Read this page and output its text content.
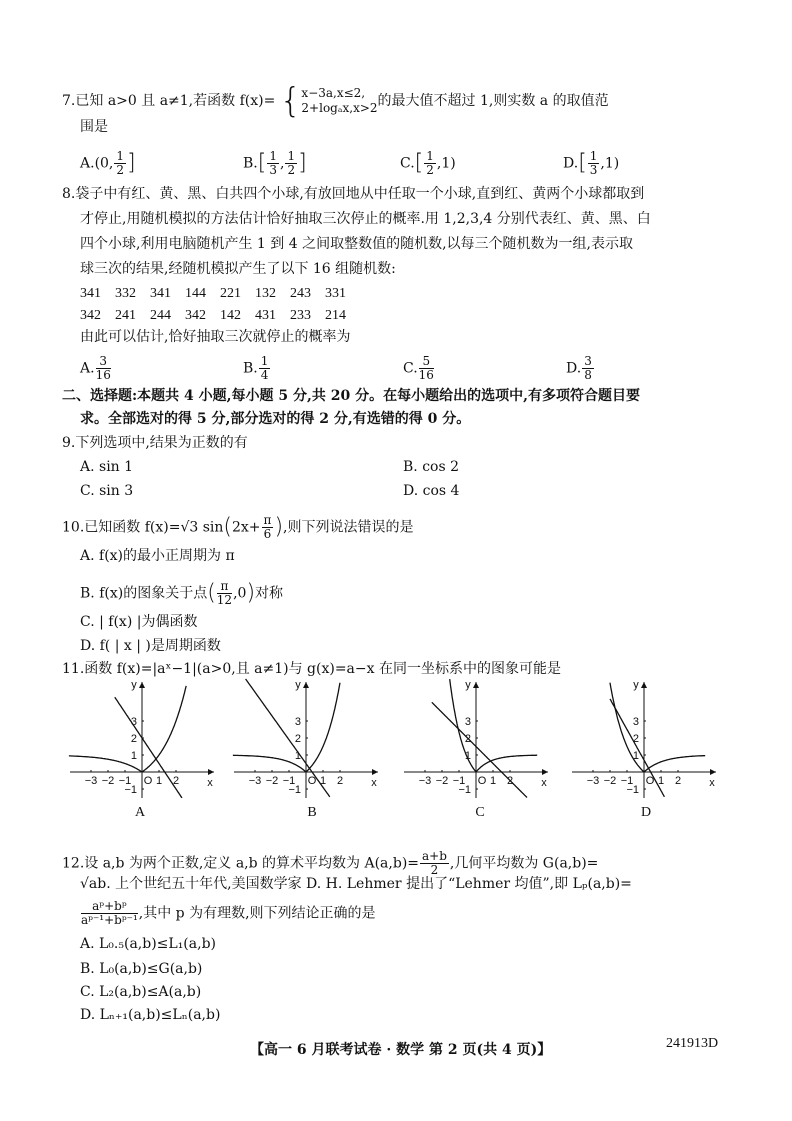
7.已知 a>0 且 a≠1,若函数 f(x)= { x−3a,x≤2,
2+logₐx,x>2 的最大值不超过 1,则实数 a 的取值范
围是
A.(0, $\frac{1}{2}$ ]	$B.[ \frac{1}{3}$ , $\frac{1}{2}$ ]	$C.[ \frac{1}{2} ,1)$	$D.[ \frac{1}{3} ,1)$
8.袋子中有红、黄、黑、白共四个小球,有放回地从中任取一个小球,直到红、黄两个小球都取到
才停止,用随机模拟的方法估计恰好抽取三次停止的概率.用 1,2,3,4 分别代表红、黄、黑、白
四个小球,利用电脑随机产生 1 到 4 之间取整数值的随机数,以每三个随机数为一组,表示取
球三次的结果,经随机模拟产生了以下 16 组随机数:
341 332 341 144 221 132 243 331
342 241 244 342 142 431 233 214
由此可以估计,恰好抽取三次就停止的概率为
A. $\frac{3}{16}$	B. $\frac{1}{4}$	C. $\frac{5}{16}$	D. $\frac{3}{8}$
二、选择题:本题共 4 小题,每小题 5 分,共 20 分。在每小题给出的选项中,有多项符合题目要
求。全部选对的得 5 分,部分选对的得 2 分,有选错的得 0 分。
9.下列选项中,结果为正数的有
A. sin 1	B. cos 2
C. sin 3	D. cos 4
10.已知函数 f(x)=√3 $\sin(2x+ \frac{\pi}{6}$ ),则下列说法错误的是
A. f(x)的最小正周期为 π
B. f(x)的图象关于点( $\frac{\pi}{12} ,0$)对称
C. | f(x) |为偶函数
D. f( | x | )是周期函数
11.函数 f(x)=|aˣ−1|(a>0,且 a≠1)与 g(x)=a−x 在同一坐标系中的图象可能是
y
x
−3 −2 −1 O 1 2
3
2
1
−1
y
x
−3 −2 −1 O 1 2
3
2
1
−1
y
x
−3 −2 −1 O 1 2
3
2
1
−1
y
x
−3 −2 −1 O 1 2
3
2
1
−1
A	B	C	D
12.设 a,b 为两个正数,定义 a,b 的算术平均数为 $A(a,b)= \frac{a+b}{2}$ ,几何平均数为 G(a,b)=
√ab. 上个世纪五十年代,美国数学家 D. H. Lehmer 提出了“Lehmer 均值”,即 Lₚ(a,b)=
$\frac{\text{aᵖ+bᵖ}}{\text{aᵖ⁻¹+bᵖ⁻¹}}$ ,其中 p 为有理数,则下列结论正确的是
A. L₀.₅(a,b)≤L₁(a,b)
B. L₀(a,b)≤G(a,b)
C. L₂(a,b)≤A(a,b)
D. Lₙ₊₁(a,b)≤Lₙ(a,b)
【高一 6 月联考试卷 · 数学 第 2 页(共 4 页)】	241913D
